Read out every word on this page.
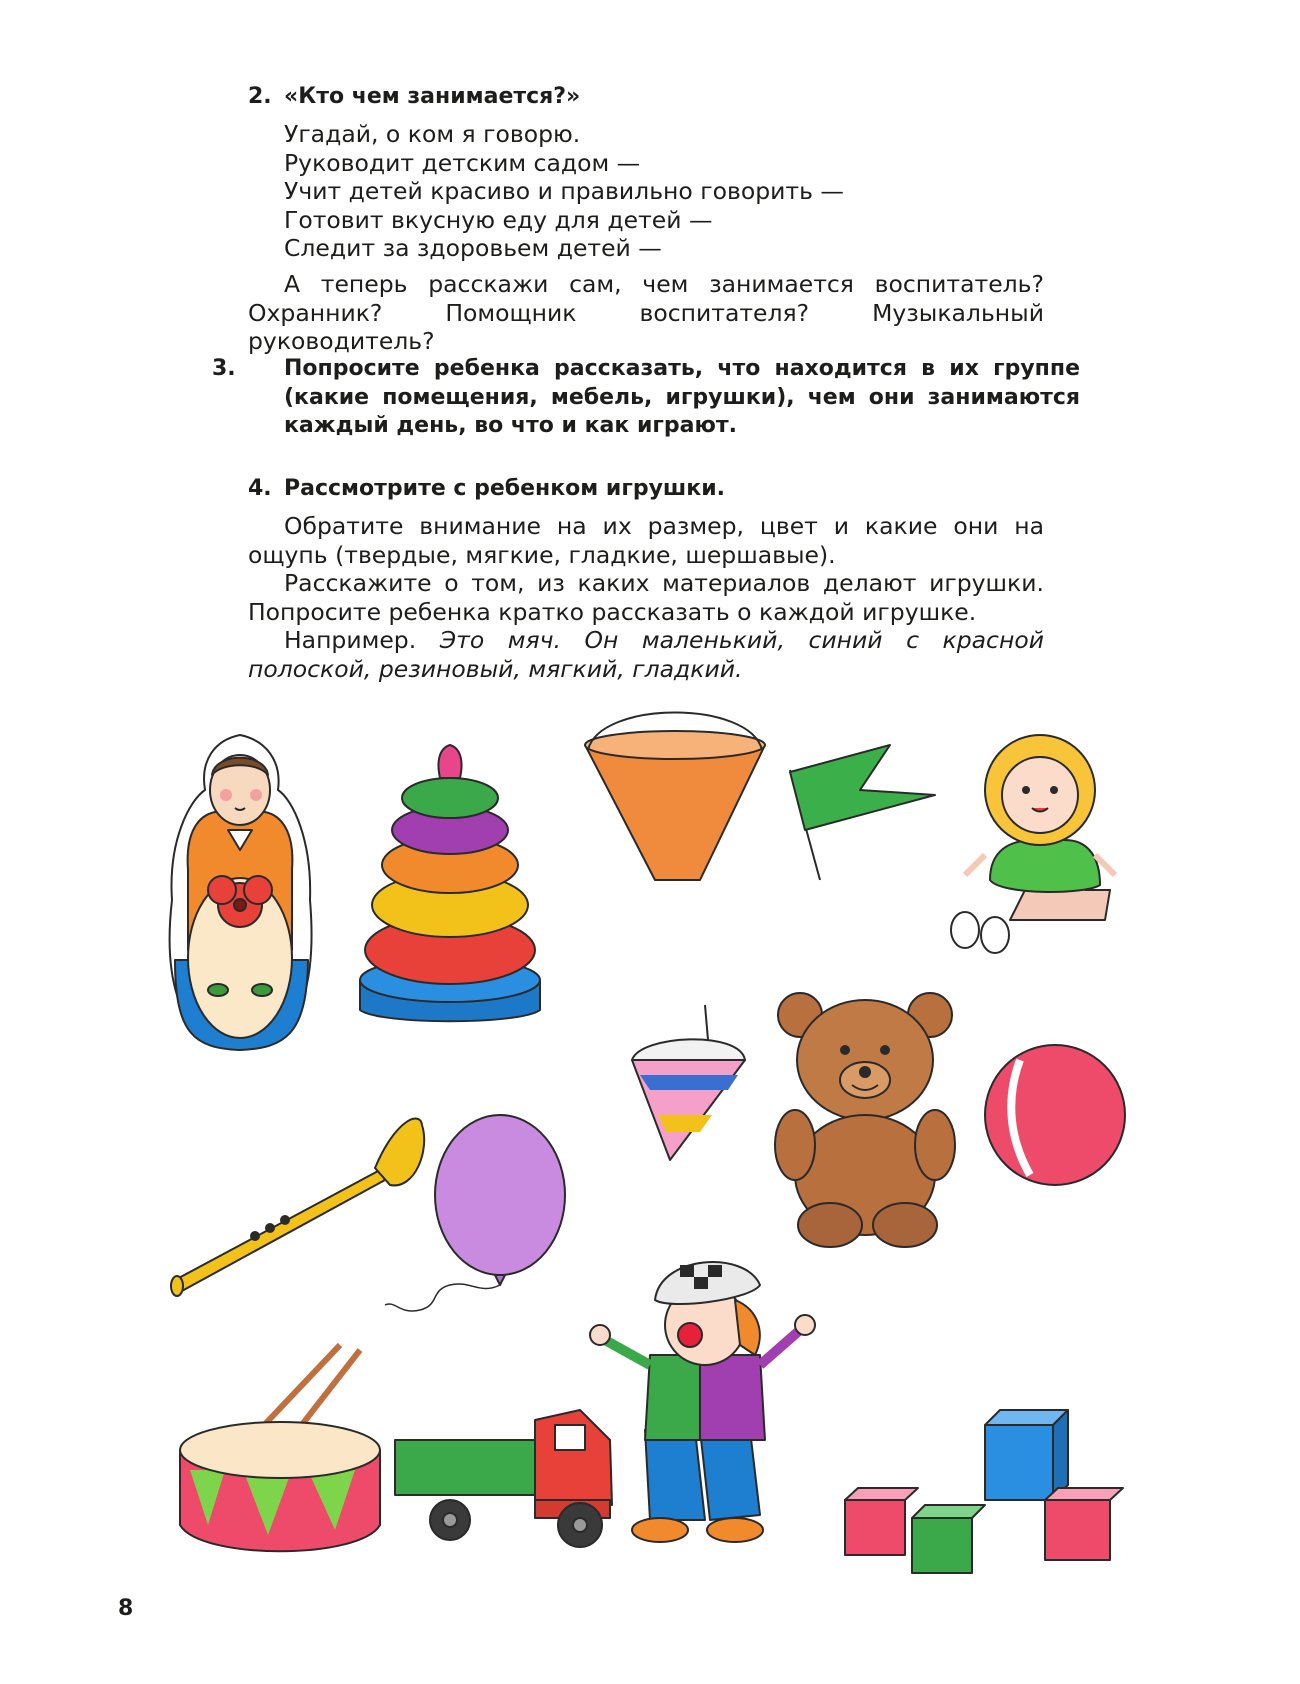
2. «Кто чем занимается?»
Угадай, о ком я говорю.
Руководит детским садом —
Учит детей красиво и правильно говорить —
Готовит вкусную еду для детей —
Следит за здоровьем детей —

А теперь расскажи сам, чем занимается воспитатель? Охранник? Помощник воспитателя? Музыкальный руководитель?

3. Попросите ребенка рассказать, что находится в их группе (какие помещения, мебель, игрушки), чем они занимаются каждый день, во что и как играют.
4. Рассмотрите с ребенком игрушки.

Обратите внимание на их размер, цвет и какие они на ощупь (твердые, мягкие, гладкие, шершавые).

Расскажите о том, из каких материалов делают игрушки. Попросите ребенка кратко рассказать о каждой игрушке.

Например. Это мяч. Он маленький, синий с красной полоской, резиновый, мягкий, гладкий.

8
